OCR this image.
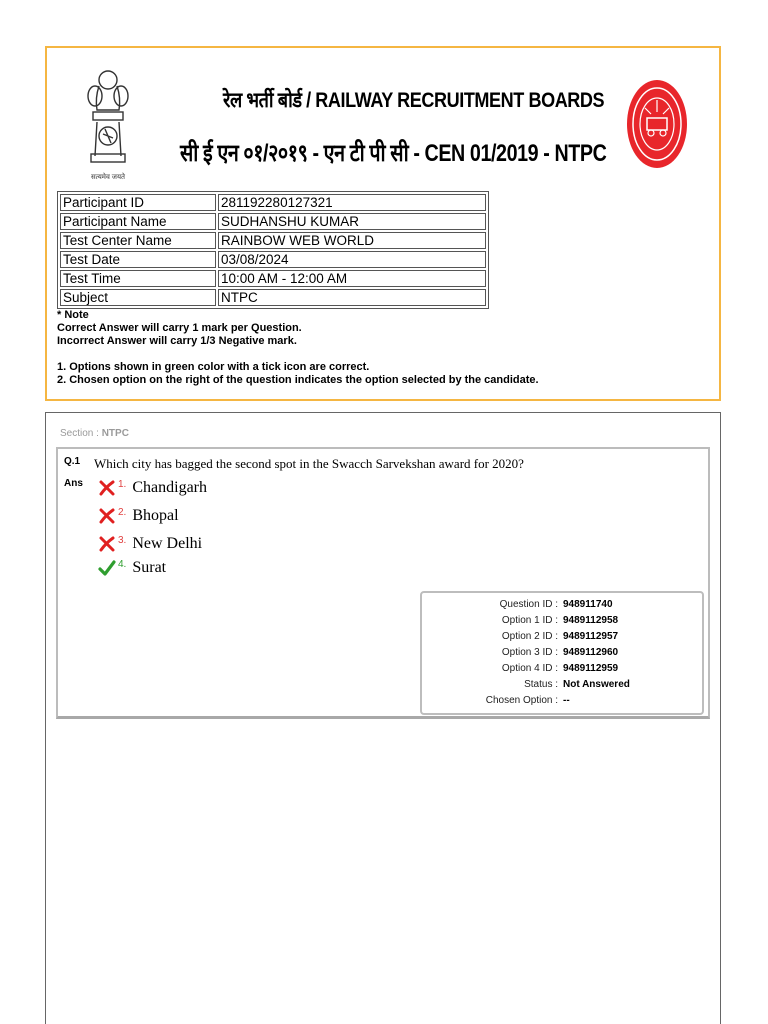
सत्यमेव जयते
रेल भर्ती बोर्ड / RAILWAY RECRUITMENT BOARDS
सी ई एन ०१/२०१९ - एन टी पी सी - CEN 01/2019 - NTPC
Participant ID	281192280127321
Participant Name	SUDHANSHU KUMAR
Test Center Name	RAINBOW WEB WORLD
Test Date	03/08/2024
Test Time	10:00 AM - 12:00 AM
Subject	NTPC
* Note
Correct Answer will carry 1 mark per Question.
Incorrect Answer will carry 1/3 Negative mark.
1. Options shown in green color with a tick icon are correct.
2. Chosen option on the right of the question indicates the option selected by the candidate.
Section : NTPC
Q.1 Which city has bagged the second spot in the Swacch Sarvekshan award for 2020?
Ans	$^{1.}$ Chandigarh
$^{2.}$ Bhopal
$^{3.}$ New Delhi
$^{4.}$ Surat
Question ID : 948911740
Option 1 ID : 9489112958
Option 2 ID : 9489112957
Option 3 ID : 9489112960
Option 4 ID : 9489112959
Status : Not Answered
Chosen Option : --
